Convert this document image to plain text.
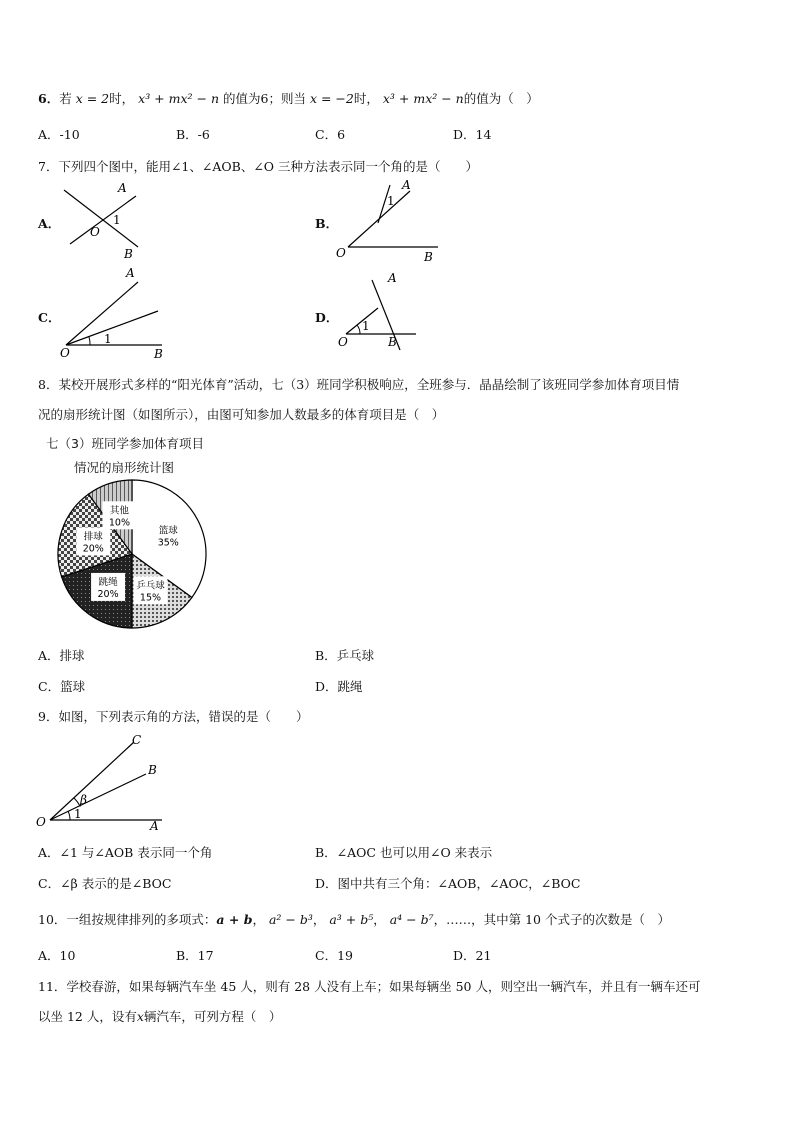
6．若 x = 2时， x³ + mx² − n 的值为6；则当 x = −2时， x³ + mx² − n的值为（　）
A．-10	B．-6	C．6	D．14
7．下列四个图中，能用∠1、∠AOB、∠O 三种方法表示同一个角的是（　　）
A．	B．
C．	D．
A
B
O
1
A
O	B
1
A
O	B
1
A
O	B
1
8．某校开展形式多样的“阳光体育”活动，七（3）班同学积极响应，全班参与．晶晶绘制了该班同学参加体育项目情
况的扇形统计图（如图所示），由图可知参加人数最多的体育项目是（　）
七（3）班同学参加体育项目
情况的扇形统计图
篮球
35%
乒乓球
15%
跳绳
20%
排球
20%
其他
10%
A．排球	B．乒乓球
C．篮球	D．跳绳
9．如图，下列表示角的方法，错误的是（　　）
C
B
A
O
β
1
A．∠1 与∠AOB 表示同一个角	B．∠AOC 也可以用∠O 来表示
C．∠β 表示的是∠BOC	D．图中共有三个角：∠AOB，∠AOC，∠BOC
10．一组按规律排列的多项式：a + b， a² − b³， a³ + b⁵， a⁴ − b⁷，……，其中第 10 个式子的次数是（　）
A．10	B．17	C．19	D．21
11．学校春游，如果每辆汽车坐 45 人，则有 28 人没有上车；如果每辆坐 50 人，则空出一辆汽车，并且有一辆车还可
以坐 12 人，设有x辆汽车，可列方程（　）
